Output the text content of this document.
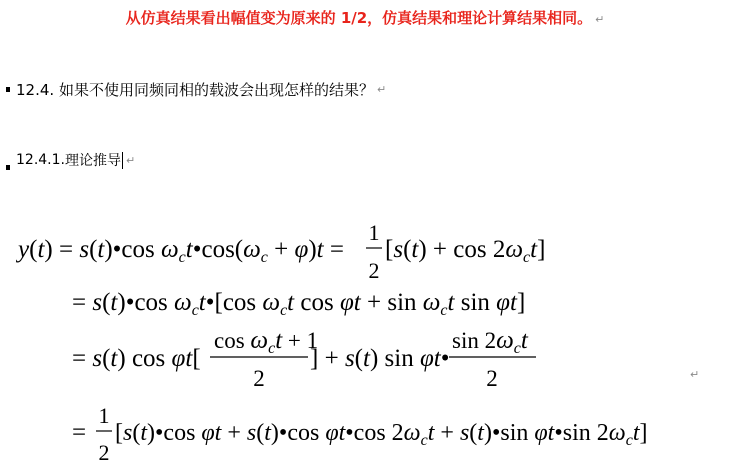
从仿真结果看出幅值变为原来的 1/2，仿真结果和理论计算结果相同。 ↵
12.4.
如果不使用同频同相的载波会出现怎样的结果？ ↵
12.4.1. 理论推导 ↵
y(t) = s(t)•cos $\omega_ct•\cos(\omega_c + \varphi)t$ =
1
2
$[s(t) + \cos 2\omega_ct]$
= s(t)•cos $\omega_ct•[\cos$ $\omega_ct$ $\cos \varphi t + \sin \omega_ct$ sin φt]
= s(t) cos φt[
$\cos \omega_ct + 1$
2
] + s(t) sin φt•
$\sin 2\omega_ct$
2	↵
=
1
2
[s(t)•cos φt + s(t)•cos φt•cos $2\omega_ct$ + s(t)•sin φt•sin $2\omega_ct$]
